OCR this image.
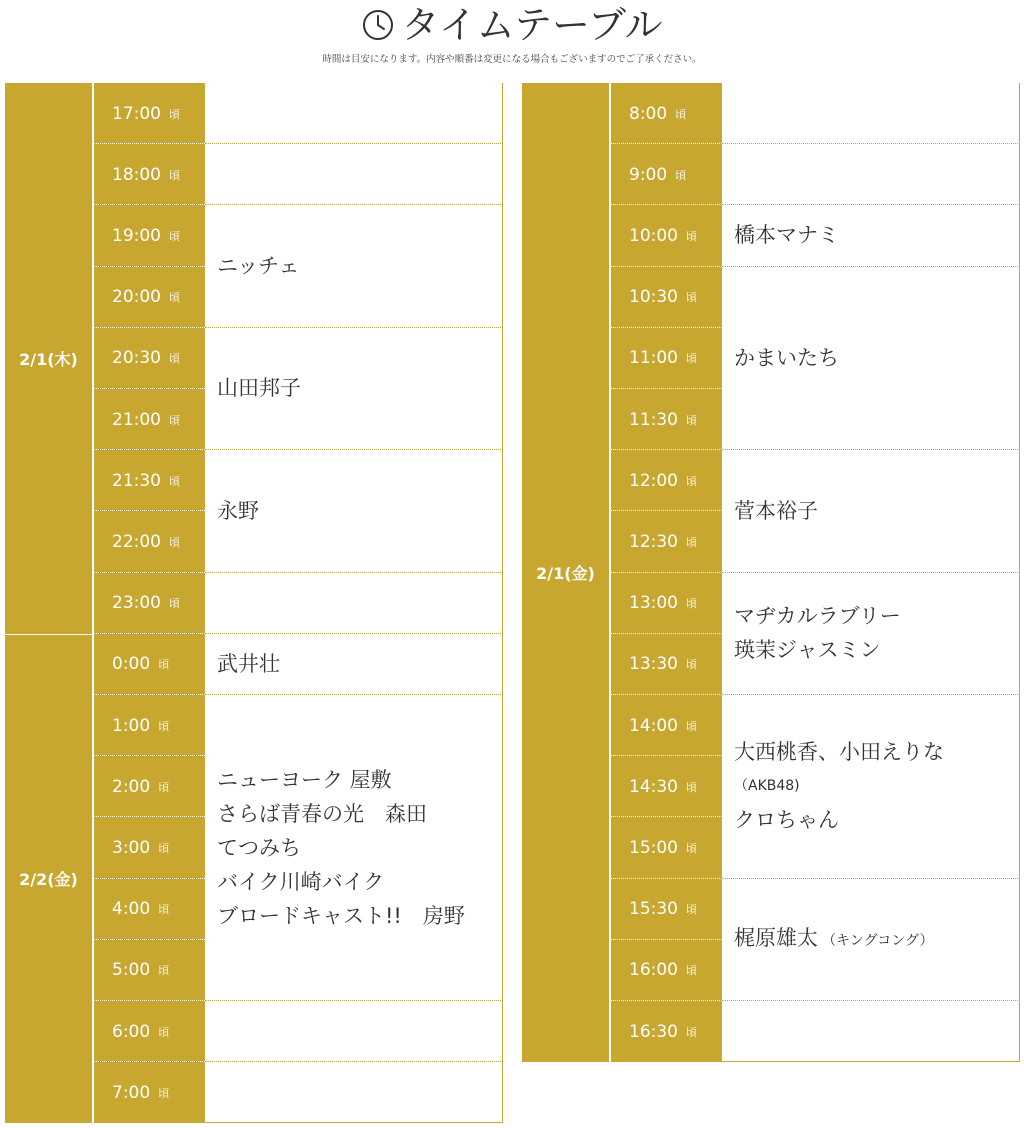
タイムテーブル
時間は目安になります。内容や順番は変更になる場合もございますのでご了承ください。
2/1(木)
2/2(金)
17:00 頃
18:00 頃
19:00 頃
20:00 頃
20:30 頃
21:00 頃
21:30 頃
22:00 頃
23:00 頃
0:00 頃
1:00 頃
2:00 頃
3:00 頃
4:00 頃
5:00 頃
6:00 頃
7:00 頃
ニッチェ
山田邦子
永野
武井壮
ニューヨーク 屋敷
さらば青春の光　森田
てつみち
バイク川崎バイク
ブロードキャスト!!　房野
2/1(金)
8:00 頃
9:00 頃
10:00 頃
10:30 頃
11:00 頃
11:30 頃
12:00 頃
12:30 頃
13:00 頃
13:30 頃
14:00 頃
14:30 頃
15:00 頃
15:30 頃
16:00 頃
16:30 頃
橋本マナミ
かまいたち
菅本裕子
マヂカルラブリー
瑛茉ジャスミン
大西桃香、小田えりな
（AKB48)
クロちゃん
梶原雄太 （キングコング）
